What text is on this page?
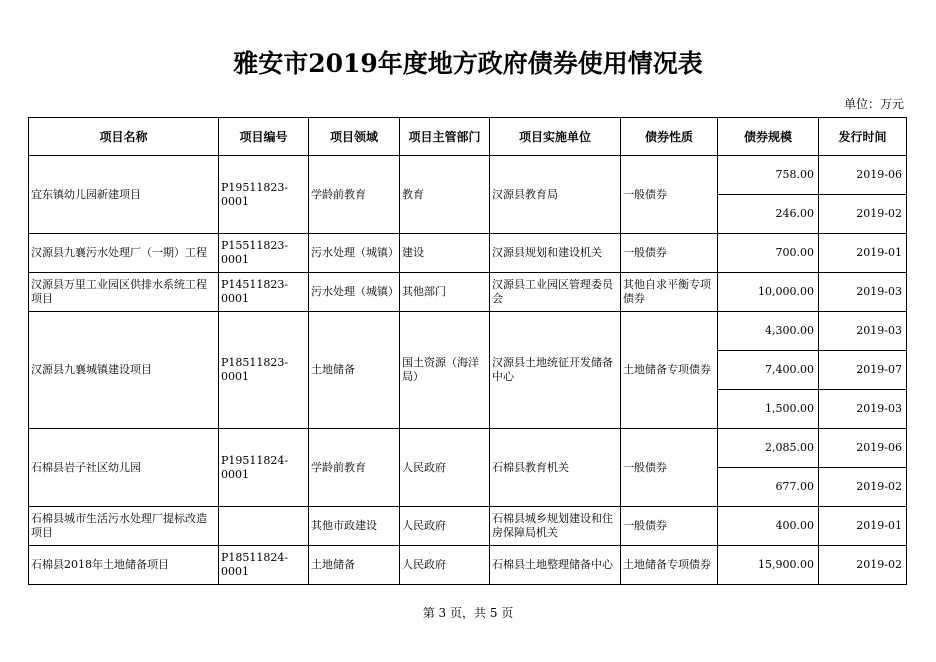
雅安市2019年度地方政府债券使用情况表
单位：万元
项目名称	项目编号	项目领域	项目主管部门	项目实施单位	债券性质	债券规模	发行时间
宜东镇幼儿园新建项目	P19511823-0001	学龄前教育	教育	汉源县教育局	一般债券	758.00	2019-06
						246.00	2019-02
汉源县九襄污水处理厂（一期）工程	P15511823-0001	污水处理（城镇）	建设	汉源县规划和建设机关	一般债券	700.00	2019-01
汉源县万里工业园区供排水系统工程项目	P14511823-0001	污水处理（城镇）	其他部门	汉源县工业园区管理委员会	其他自求平衡专项债券	10,000.00	2019-03
汉源县九襄城镇建设项目	P18511823-0001	土地储备	国土资源（海洋局）	汉源县土地统征开发储备中心	土地储备专项债券	4,300.00	2019-03
						7,400.00	2019-07
						1,500.00	2019-03
石棉县岩子社区幼儿园	P19511824-0001	学龄前教育	人民政府	石棉县教育机关	一般债券	2,085.00	2019-06
						677.00	2019-02
石棉县城市生活污水处理厂提标改造项目		其他市政建设	人民政府	石棉县城乡规划建设和住房保障局机关	一般债券	400.00	2019-01
石棉县2018年土地储备项目	P18511824-0001	土地储备	人民政府	石棉县土地整理储备中心	土地储备专项债券	15,900.00	2019-02
第 3 页，共 5 页
